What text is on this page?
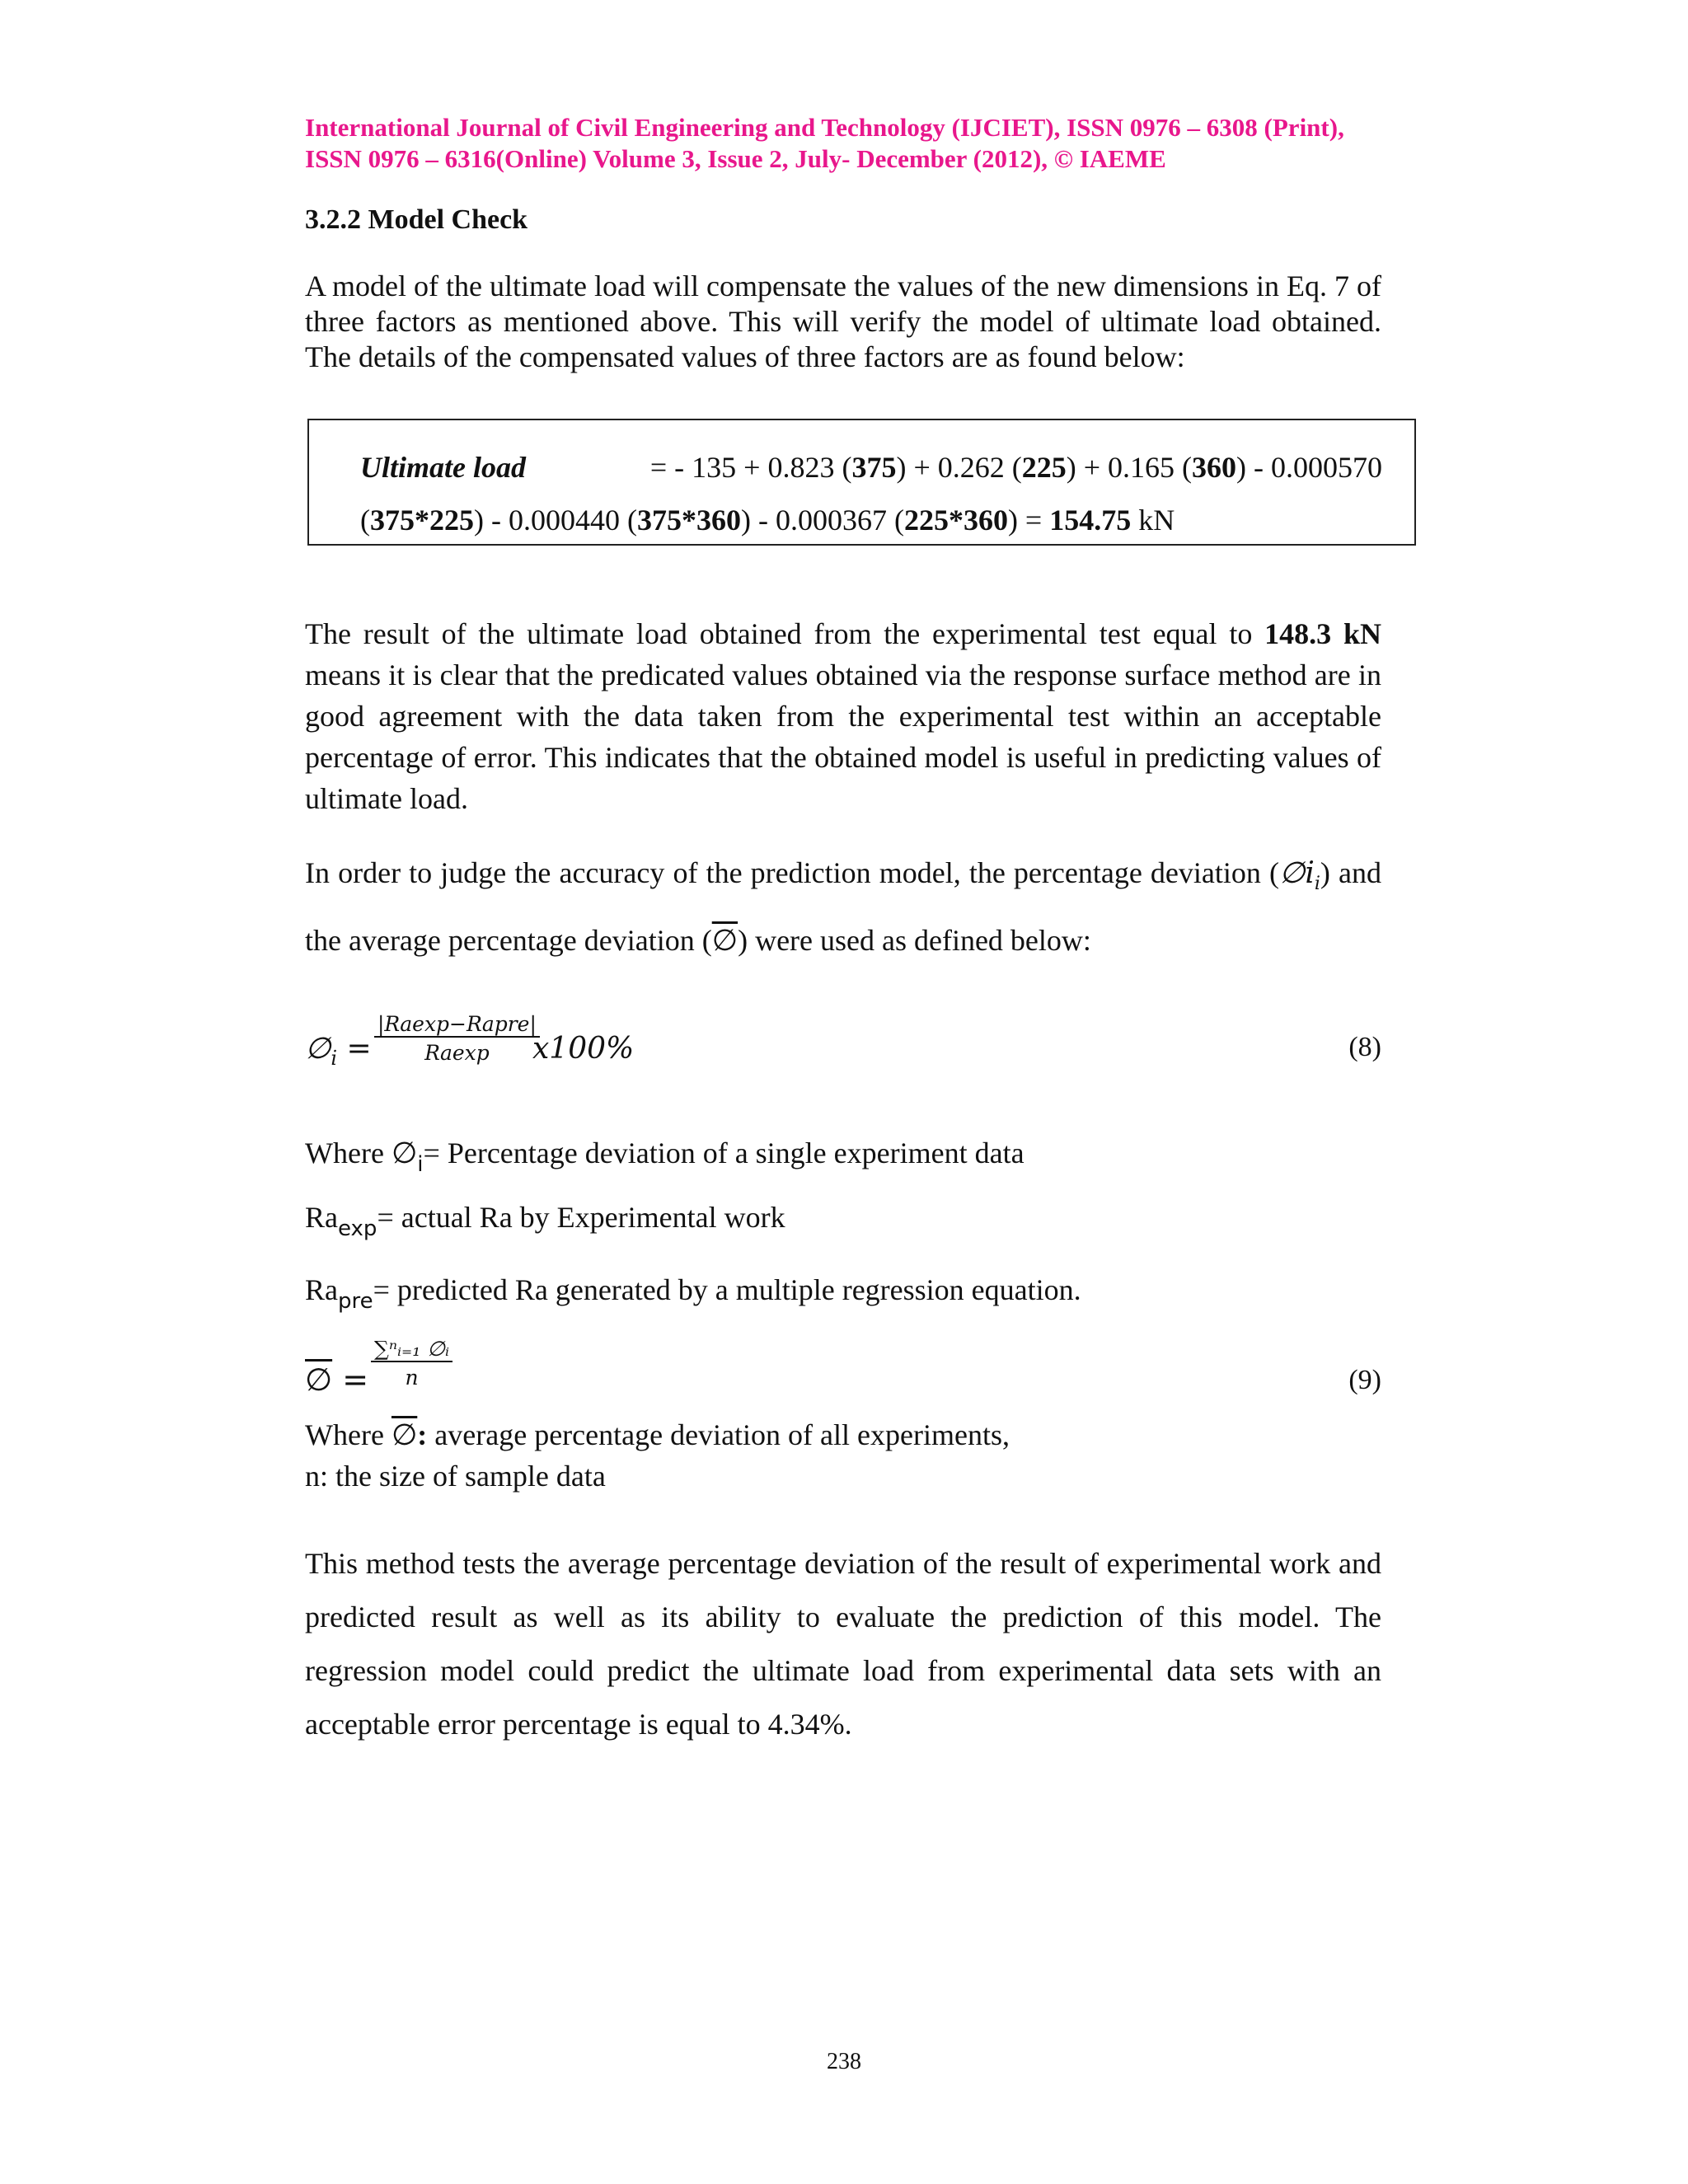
International Journal of Civil Engineering and Technology (IJCIET), ISSN 0976 – 6308 (Print),
ISSN 0976 – 6316(Online) Volume 3, Issue 2, July- December (2012), © IAEME
3.2.2 Model Check
A model of the ultimate load will compensate the values of the new dimensions in Eq. 7 of three factors as mentioned above. This will verify the model of ultimate load obtained. The details of the compensated values of three factors are as found below:
Ultimate load	= - 135 + 0.823 (375) + 0.262 (225) + 0.165 (360) - 0.000570
(375*225) - 0.000440 (375*360) - 0.000367 (225*360) = 154.75 kN
The result of the ultimate load obtained from the experimental test equal to 148.3 kN means it is clear that the predicated values obtained via the response surface method are in good agreement with the data taken from the experimental test within an acceptable percentage of error. This indicates that the obtained model is useful in predicting values of ultimate load.
In order to judge the accuracy of the prediction model, the percentage deviation $(\emptyset i_i)$ and the average percentage deviation (∅) were used as defined below:
$\emptyset_𝑖$ =
|𝑅𝑎exp−𝑅𝑎pre|
𝑅𝑎exp	𝑥100%	(8)
Where $\emptyset_i=$ Percentage deviation of a single experiment data
$Ra_{exp}=$ actual Ra by Experimental work
$Ra_{pre}=$ predicted Ra generated by a multiple regression equation.
∅ =
∑ⁿᵢ₌₁ ∅ᵢ
𝑛	(9)
Where ∅: average percentage deviation of all experiments,
n: the size of sample data
This method tests the average percentage deviation of the result of experimental work and predicted result as well as its ability to evaluate the prediction of this model. The regression model could predict the ultimate load from experimental data sets with an acceptable error percentage is equal to 4.34%.
238
